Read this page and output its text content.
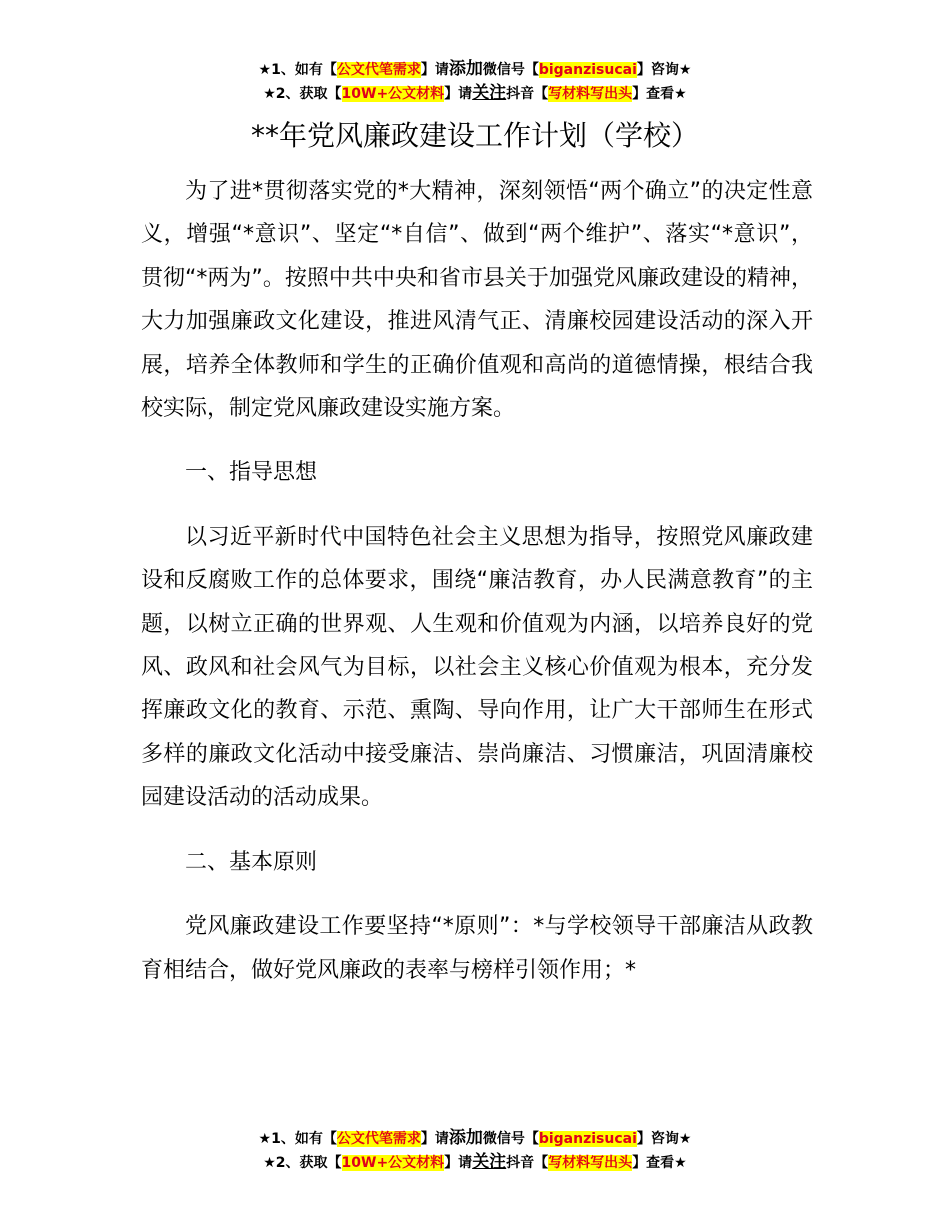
★1、如有【公文代笔需求】请添加微信号【biganzisucai】咨询★
★2、获取【10W+公文材料】请关注抖音【写材料写出头】查看★
**年党风廉政建设工作计划（学校）

为了进*贯彻落实党的*大精神，深刻领悟“两个确立”的决定性意义，增强“*意识”、坚定“*自信”、做到“两个维护”、落实“*意识”，贯彻“*两为”。按照中共中央和省市县关于加强党风廉政建设的精神，大力加强廉政文化建设，推进风清气正、清廉校园建设活动的深入开展，培养全体教师和学生的正确价值观和高尚的道德情操，根结合我校实际，制定党风廉政建设实施方案。

一、指导思想

以习近平新时代中国特色社会主义思想为指导，按照党风廉政建设和反腐败工作的总体要求，围绕“廉洁教育，办人民满意教育”的主题，以树立正确的世界观、人生观和价值观为内涵，以培养良好的党风、政风和社会风气为目标，以社会主义核心价值观为根本，充分发挥廉政文化的教育、示范、熏陶、导向作用，让广大干部师生在形式多样的廉政文化活动中接受廉洁、崇尚廉洁、习惯廉洁，巩固清廉校园建设活动的活动成果。

二、基本原则

党风廉政建设工作要坚持“*原则”：*与学校领导干部廉洁从政教育相结合，做好党风廉政的表率与榜样引领作用；*

★1、如有【公文代笔需求】请添加微信号【biganzisucai】咨询★
★2、获取【10W+公文材料】请关注抖音【写材料写出头】查看★
